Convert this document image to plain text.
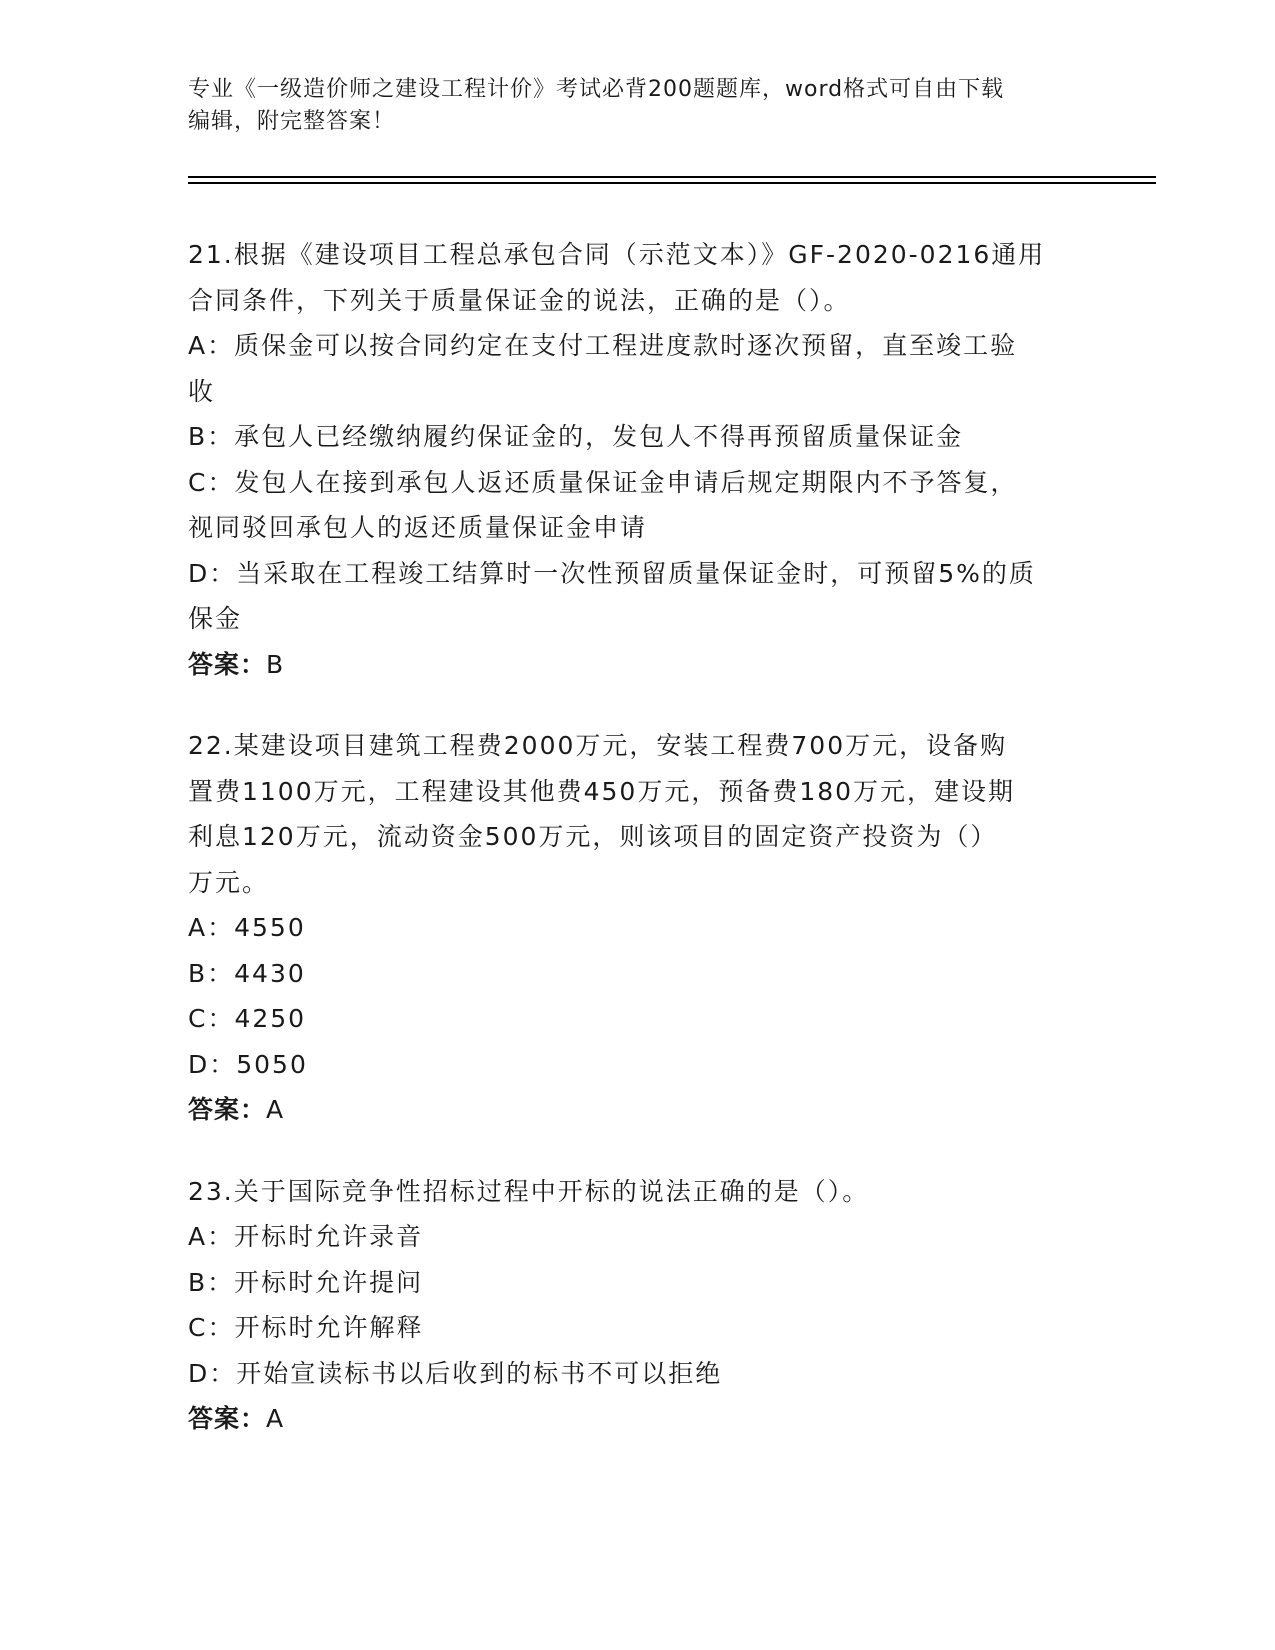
专业《一级造价师之建设工程计价》考试必背200题题库，word格式可自由下载
编辑，附完整答案！
21.根据《建设项目工程总承包合同（示范文本）》GF-2020-0216通用
合同条件，下列关于质量保证金的说法，正确的是（）。
A：质保金可以按合同约定在支付工程进度款时逐次预留，直至竣工验
收
B：承包人已经缴纳履约保证金的，发包人不得再预留质量保证金
C：发包人在接到承包人返还质量保证金申请后规定期限内不予答复，
视同驳回承包人的返还质量保证金申请
D：当采取在工程竣工结算时一次性预留质量保证金时，可预留5%的质
保金
答案：B
22.某建设项目建筑工程费2000万元，安装工程费700万元，设备购
置费1100万元，工程建设其他费450万元，预备费180万元，建设期
利息120万元，流动资金500万元，则该项目的固定资产投资为（）
万元。
A：4550
B：4430
C：4250
D：5050
答案：A
23.关于国际竞争性招标过程中开标的说法正确的是（）。
A：开标时允许录音
B：开标时允许提问
C：开标时允许解释
D：开始宣读标书以后收到的标书不可以拒绝
答案：A
